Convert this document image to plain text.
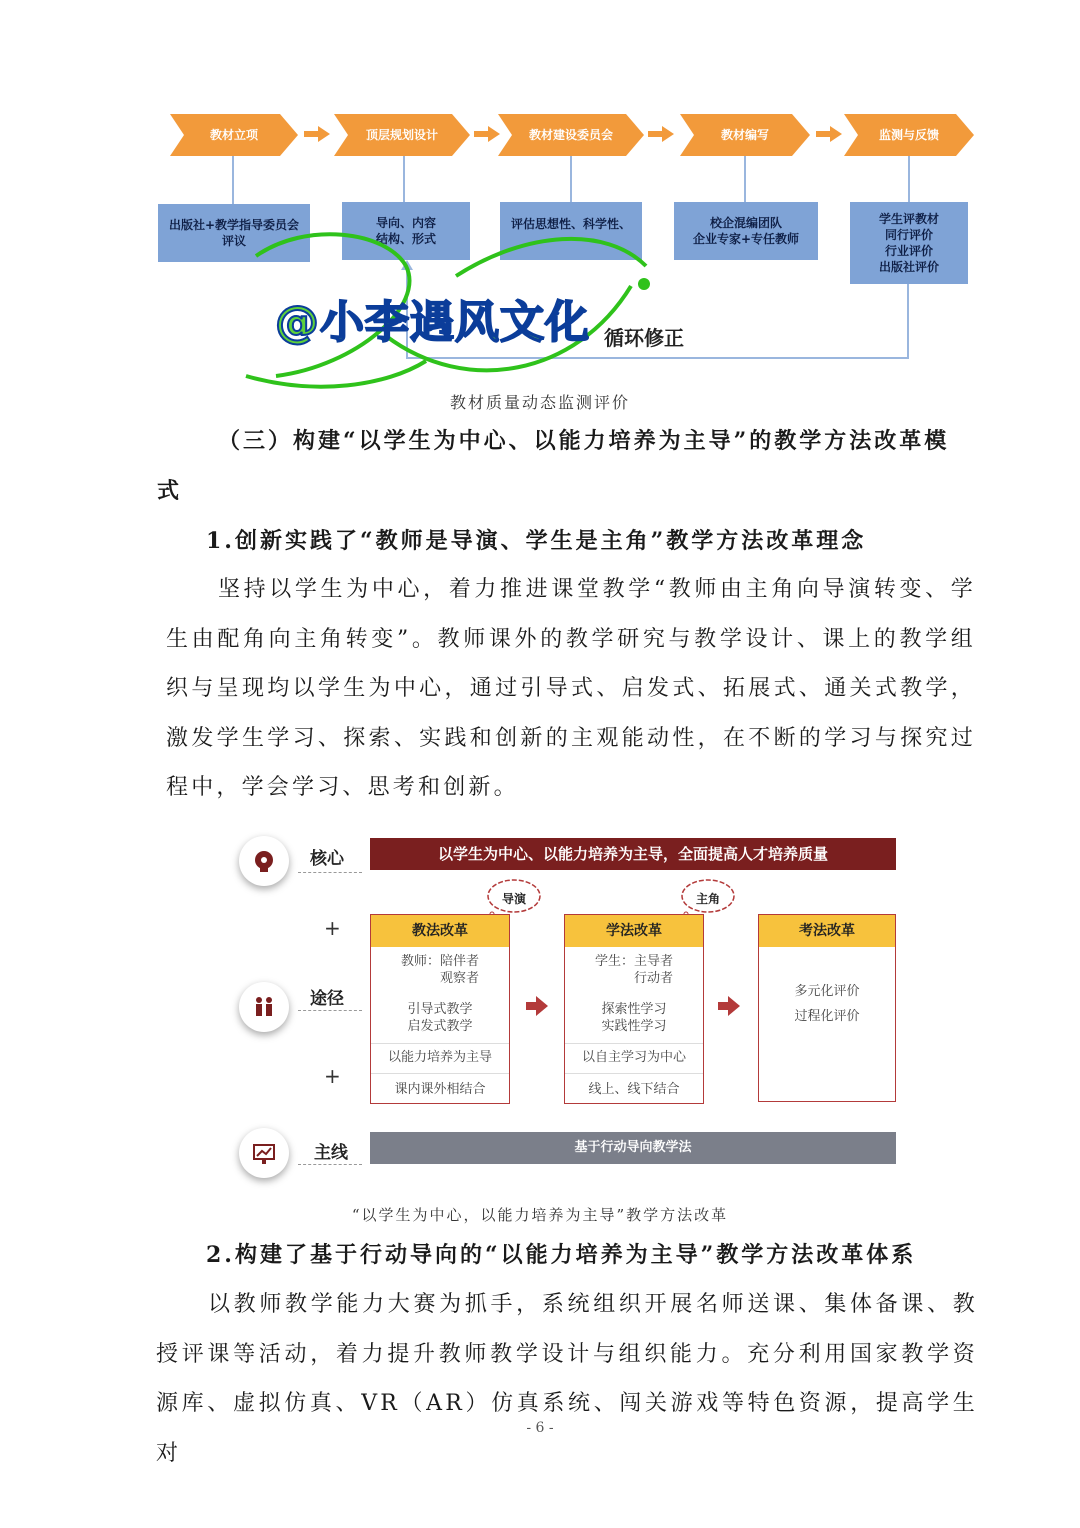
教材立项	顶层规划设计	教材建设委员会	教材编写	监测与反馈
出版社+教学指导委员会
评议
导向、内容
结构、形式
评估思想性、科学性、	校企混编团队
企业专家+专任教师
学生评教材
同行评价
行业评价
出版社评价
循环修正
教材质量动态监测评价
@小李遇风文化
（三）构建“以学生为中心、以能力培养为主导”的教学方法改革模
式
1.创新实践了“教师是导演、学生是主角”教学方法改革理念
坚持以学生为中心，着力推进课堂教学“教师由主角向导演转变、学生由配角向主角转变”。教师课外的教学研究与教学设计、课上的教学组织与呈现均以学生为中心，通过引导式、启发式、拓展式、通关式教学，激发学生学习、探索、实践和创新的主观能动性，在不断的学习与探究过程中，学会学习、思考和创新。
核心	以学生为中心、以能力培养为主导，全面提高人才培养质量
导演	主角
+
途径
教法改革
教师：陪伴者
　　　观察者
引导式教学
启发式教学
以能力培养为主导
课内课外相结合
学法改革
学生：主导者
　　　行动者
探索性学习
实践性学习
以自主学习为中心
线上、线下结合
考法改革
多元化评价
过程化评价
+
主线	基于行动导向教学法
“以学生为中心，以能力培养为主导”教学方法改革
2.构建了基于行动导向的“以能力培养为主导”教学方法改革体系
以教师教学能力大赛为抓手，系统组织开展名师送课、集体备课、教授评课等活动，着力提升教师教学设计与组织能力。充分利用国家教学资源库、虚拟仿真、VR（AR）仿真系统、闯关游戏等特色资源，提高学生对
- 6 -
